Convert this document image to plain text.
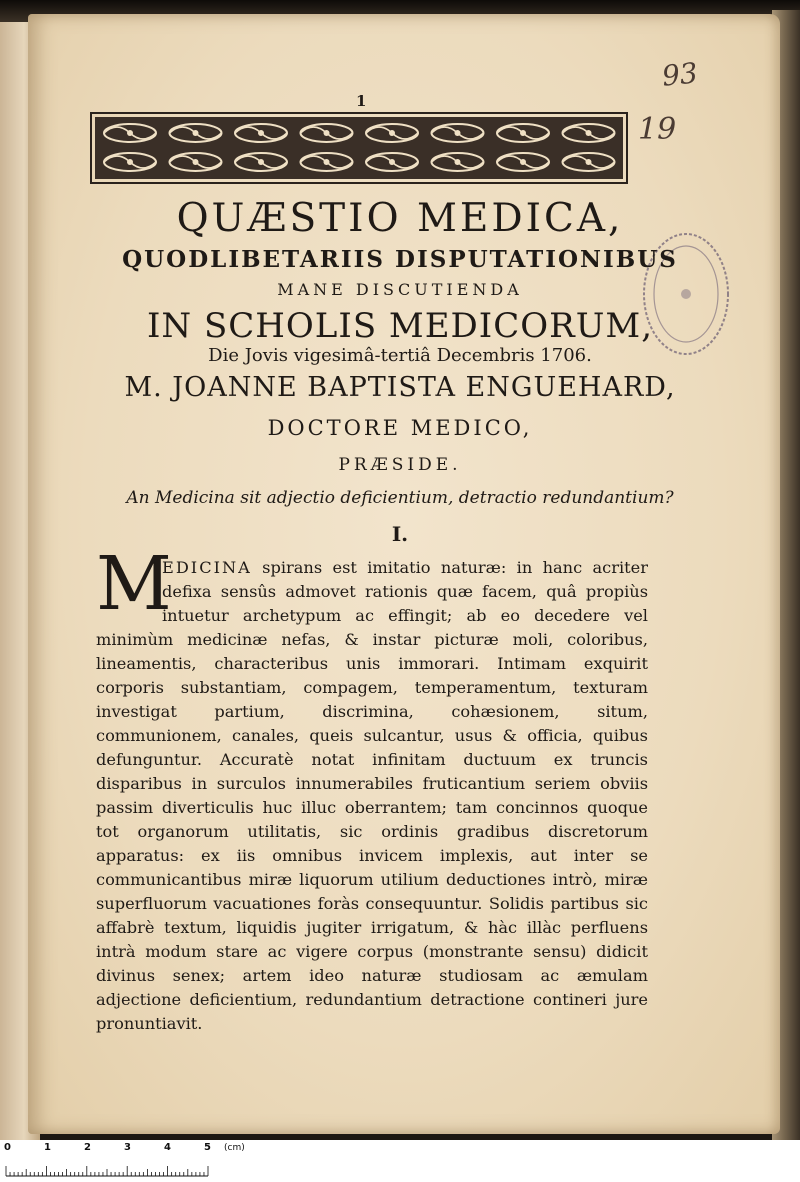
93
19
1
QUÆSTIO MEDICA,
QUODLIBETARIIS DISPUTATIONIBUS
MANE DISCUTIENDA
IN SCHOLIS MEDICORUM,
Die Jovis vigesimâ-tertiâ Decembris 1706.
M. JOANNE BAPTISTA ENGUEHARD,
DOCTORE MEDICO,
PRÆSIDE.
An Medicina sit adjectio deficientium, detractio redundantium?
I.
M
EDICINA spirans est imitatio naturæ: in hanc acriter defixa sensûs admovet rationis quæ facem, quâ propiùs intuetur archetypum ac effingit; ab eo decedere vel minimùm medicinæ nefas, & instar picturæ moli, coloribus, lineamentis, characteribus unis immorari. Intimam exquirit corporis substantiam, compagem, temperamentum, texturam investigat partium, discrimina, cohæsionem, situm, communionem, canales, queis sulcantur, usus & officia, quibus defunguntur. Accuratè notat infinitam ductuum ex truncis disparibus in surculos innumerabiles fruticantium seriem obviis passim diverticulis huc illuc oberrantem; tam concinnos quoque tot organorum utilitatis, sic ordinis gradibus discretorum apparatus: ex iis omnibus invicem implexis, aut inter se communicantibus miræ liquorum utilium deductiones intrò, miræ superfluorum vacuationes foràs consequuntur. Solidis partibus sic affabrè textum, liquidis jugiter irrigatum, & hàc illàc perfluens intrà modum stare ac vigere corpus (monstrante sensu) didicit divinus senex; artem ideo naturæ studiosam ac æmulam adjectione deficientium, redundantium detractione contineri jure pronuntiavit.
0	1	2	3	4	5 (cm)
